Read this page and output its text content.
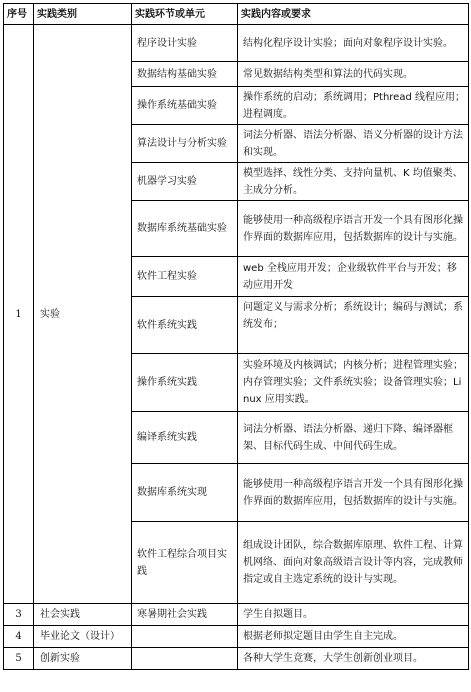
序号	实践类别	实践环节或单元	实践内容或要求
1	实验	程序设计实验	结构化程序设计实验；面向对象程序设计实验。
		数据结构基础实验	常见数据结构类型和算法的代码实现。
		操作系统基础实验	操作系统的启动；系统调用；Pthread 线程应用；进程调度。
		算法设计与分析实验	词法分析器、语法分析器、语义分析器的设计方法和实现。
		机器学习实验	模型选择、线性分类、支持向量机、K 均值聚类、主成分分析。
		数据库系统基础实验	能够使用一种高级程序语言开发一个具有图形化操作界面的数据库应用，包括数据库的设计与实施。
		软件工程实验	web 全栈应用开发；企业级软件平台与开发；移动应用开发
		软件系统实践	问题定义与需求分析；系统设计；编码与测试；系统发布；
		操作系统实践	实验环境及内核调试；内核分析；进程管理实验；内存管理实验；文件系统实验；设备管理实验；Linux 应用实践。
		编译系统实践	词法分析器、语法分析器、递归下降、编译器框架、目标代码生成、中间代码生成。
		数据库系统实现	能够使用一种高级程序语言开发一个具有图形化操作界面的数据库应用，包括数据库的设计与实施。
		软件工程综合项目实践	组成设计团队，综合数据库原理、软件工程、计算机网络、面向对象高级语言设计等内容，完成教师指定或自主选定系统的设计与实现。
3	社会实践	寒暑期社会实践	学生自拟题目。
4	毕业论文（设计）		根据老师拟定题目由学生自主完成。
5	创新实验		各种大学生竞赛，大学生创新创业项目。
